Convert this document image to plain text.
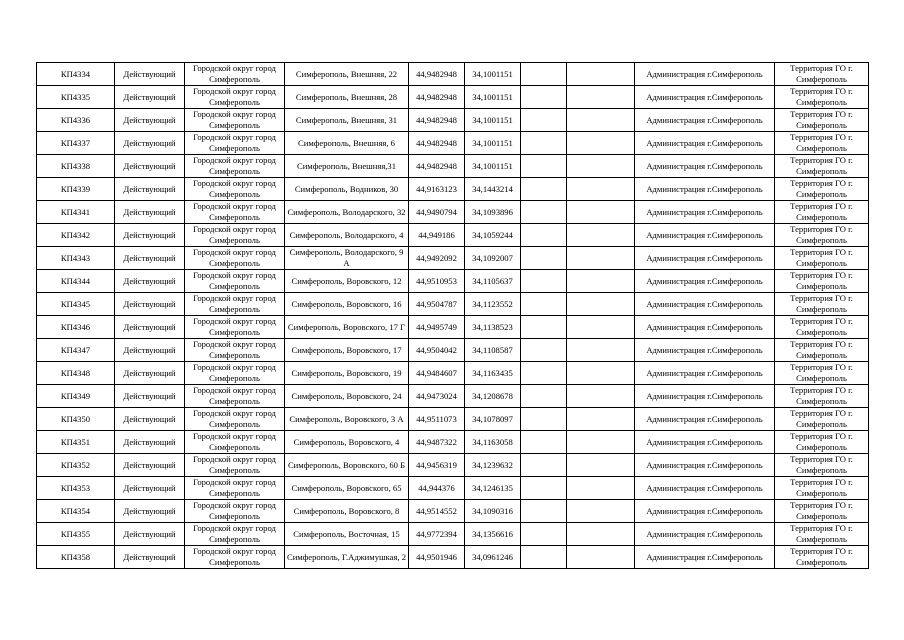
КП4334	Действующий	Городской округ город Симферополь	Симферополь, Внешняя, 22	44,9482948	34,1001151			Администрация г.Симферополь	Территория ГО г. Симферополь
КП4335	Действующий	Городской округ город Симферополь	Симферополь, Внешняя, 28	44,9482948	34,1001151			Администрация г.Симферополь	Территория ГО г. Симферополь
КП4336	Действующий	Городской округ город Симферополь	Симферополь, Внешняя, 31	44,9482948	34,1001151			Администрация г.Симферополь	Территория ГО г. Симферополь
КП4337	Действующий	Городской округ город Симферополь	Симферополь, Внешняя, 6	44,9482948	34,1001151			Администрация г.Симферополь	Территория ГО г. Симферополь
КП4338	Действующий	Городской округ город Симферополь	Симферополь, Внешняя,31	44,9482948	34,1001151			Администрация г.Симферополь	Территория ГО г. Симферополь
КП4339	Действующий	Городской округ город Симферополь	Симферополь, Водников, 30	44,9163123	34,1443214			Администрация г.Симферополь	Территория ГО г. Симферополь
КП4341	Действующий	Городской округ город Симферополь	Симферополь, Володарского, 32	44,9490794	34,1093896			Администрация г.Симферополь	Территория ГО г. Симферополь
КП4342	Действующий	Городской округ город Симферополь	Симферополь, Володарского, 4	44,949186	34,1059244			Администрация г.Симферополь	Территория ГО г. Симферополь
КП4343	Действующий	Городской округ город Симферополь	Симферополь, Володарского, 9 А	44,9492092	34,1092007			Администрация г.Симферополь	Территория ГО г. Симферополь
КП4344	Действующий	Городской округ город Симферополь	Симферополь, Воровского, 12	44,9510953	34,1105637			Администрация г.Симферополь	Территория ГО г. Симферополь
КП4345	Действующий	Городской округ город Симферополь	Симферополь, Воровского, 16	44,9504787	34,1123552			Администрация г.Симферополь	Территория ГО г. Симферополь
КП4346	Действующий	Городской округ город Симферополь	Симферополь, Воровского, 17 Г	44,9495749	34,1138523			Администрация г.Симферополь	Территория ГО г. Симферополь
КП4347	Действующий	Городской округ город Симферополь	Симферополь, Воровского, 17	44,9504042	34,1108587			Администрация г.Симферополь	Территория ГО г. Симферополь
КП4348	Действующий	Городской округ город Симферополь	Симферополь, Воровского, 19	44,9484607	34,1163435			Администрация г.Симферополь	Территория ГО г. Симферополь
КП4349	Действующий	Городской округ город Симферополь	Симферополь, Воровского, 24	44,9473024	34,1208678			Администрация г.Симферополь	Территория ГО г. Симферополь
КП4350	Действующий	Городской округ город Симферополь	Симферополь, Воровского, 3 А	44,9511073	34,1078097			Администрация г.Симферополь	Территория ГО г. Симферополь
КП4351	Действующий	Городской округ город Симферополь	Симферополь, Воровского, 4	44,9487322	34,1163058			Администрация г.Симферополь	Территория ГО г. Симферополь
КП4352	Действующий	Городской округ город Симферополь	Симферополь, Воровского, 60 Б	44,9456319	34,1239632			Администрация г.Симферополь	Территория ГО г. Симферополь
КП4353	Действующий	Городской округ город Симферополь	Симферополь, Воровского, 65	44,944376	34,1246135			Администрация г.Симферополь	Территория ГО г. Симферополь
КП4354	Действующий	Городской округ город Симферополь	Симферополь, Воровского, 8	44,9514552	34,1090316			Администрация г.Симферополь	Территория ГО г. Симферополь
КП4355	Действующий	Городской округ город Симферополь	Симферополь, Восточная, 15	44,9772394	34,1356616			Администрация г.Симферополь	Территория ГО г. Симферополь
КП4358	Действующий	Городской округ город Симферополь	Симферополь, Г.Аджимушкая, 2	44,9501946	34,0961246			Администрация г.Симферополь	Территория ГО г. Симферополь
